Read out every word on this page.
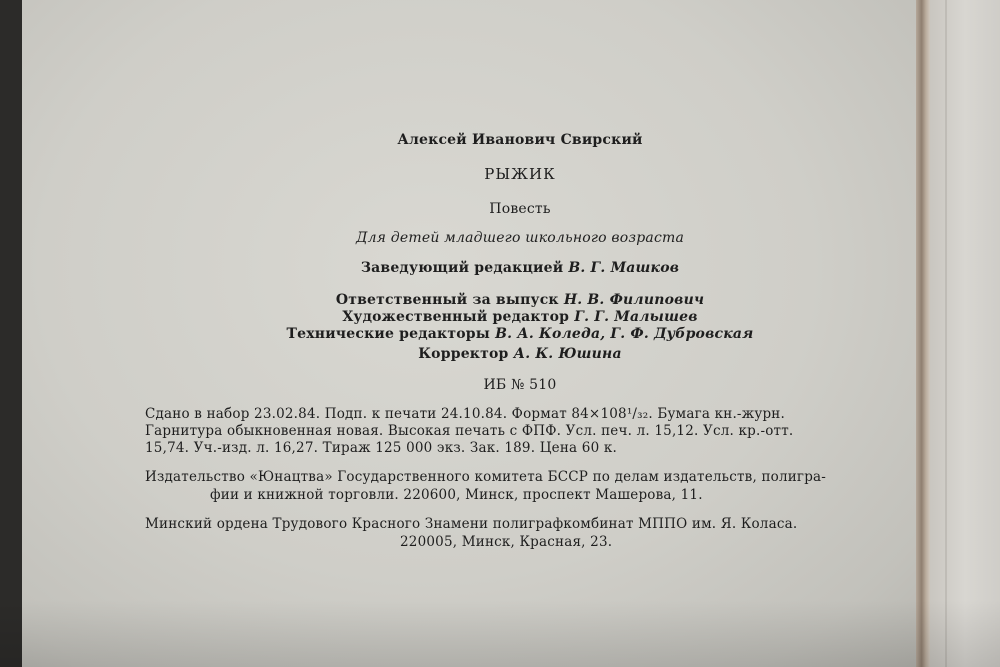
Алексей Иванович Свирский
РЫЖИК
Повесть
Для детей младшего школьного возраста
Заведующий редакцией В. Г. Машков
Ответственный за выпуск Н. В. Филипович
Художественный редактор Г. Г. Малышев
Технические редакторы В. А. Коледа, Г. Ф. Дубровская
Корректор А. К. Юшина
ИБ № 510
Сдано в набор 23.02.84. Подп. к печати 24.10.84. Формат 84×108¹/₃₂. Бумага кн.-журн.
Гарнитура обыкновенная новая. Высокая печать с ФПФ. Усл. печ. л. 15,12. Усл. кр.-отт.
15,74. Уч.-изд. л. 16,27. Тираж 125 000 экз. Зак. 189. Цена 60 к.
Издательство «Юнацтва» Государственного комитета БССР по делам издательств, полигра-
фии и книжной торговли. 220600, Минск, проспект Машерова, 11.
Минский ордена Трудового Красного Знамени полиграфкомбинат МППО им. Я. Коласа.
220005, Минск, Красная, 23.
